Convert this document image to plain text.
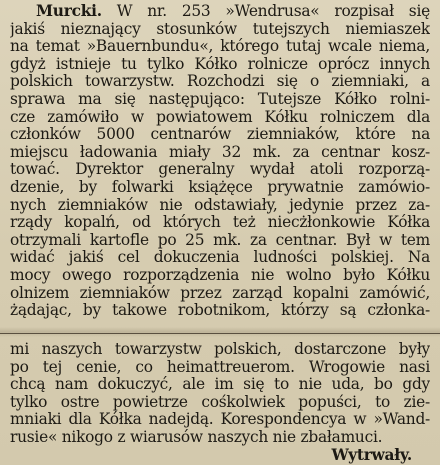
Murcki. W nr. 253 »Wendrusa« rozpisał się
jakiś nieznający stosunków tutejszych niemiaszek
na temat »Bauernbundu«, którego tutaj wcale niema,
gdyż istnieje tu tylko Kółko rolnicze oprócz innych
polskich towarzystw. Rozchodzi się o ziemniaki, a
sprawa ma się następująco: Tutejsze Kółko rolni-
cze zamówiło w powiatowem Kółku rolniczem dla
członków 5000 centnarów ziemniaków, które na
miejscu ładowania miały 32 mk. za centnar kosz-
tować. Dyrektor generalny wydał atoli rozporzą-
dzenie, by folwarki książęce prywatnie zamówio-
nych ziemniaków nie odstawiały, jedynie przez za-
rządy kopalń, od których też niecżłonkowie Kółka
otrzymali kartofle po 25 mk. za centnar. Był w tem
widać jakiś cel dokuczenia ludności polskiej. Na
mocy owego rozporządzenia nie wolno było Kółku
olnizem ziemniaków przez zarząd kopalni zamówić,
żądając, by takowe robotnikom, którzy są członka-
mi naszych towarzystw polskich, dostarczone były
po tej cenie, co heimattreuerom. Wrogowie nasi
chcą nam dokuczyć, ale im się to nie uda, bo gdy
tylko ostre powietrze cośkolwiek popuści, to zie-
mniaki dla Kółka nadejdą. Korespondencya w »Wand-
rusie« nikogo z wiarusów naszych nie zbałamuci.
Wytrwały.
